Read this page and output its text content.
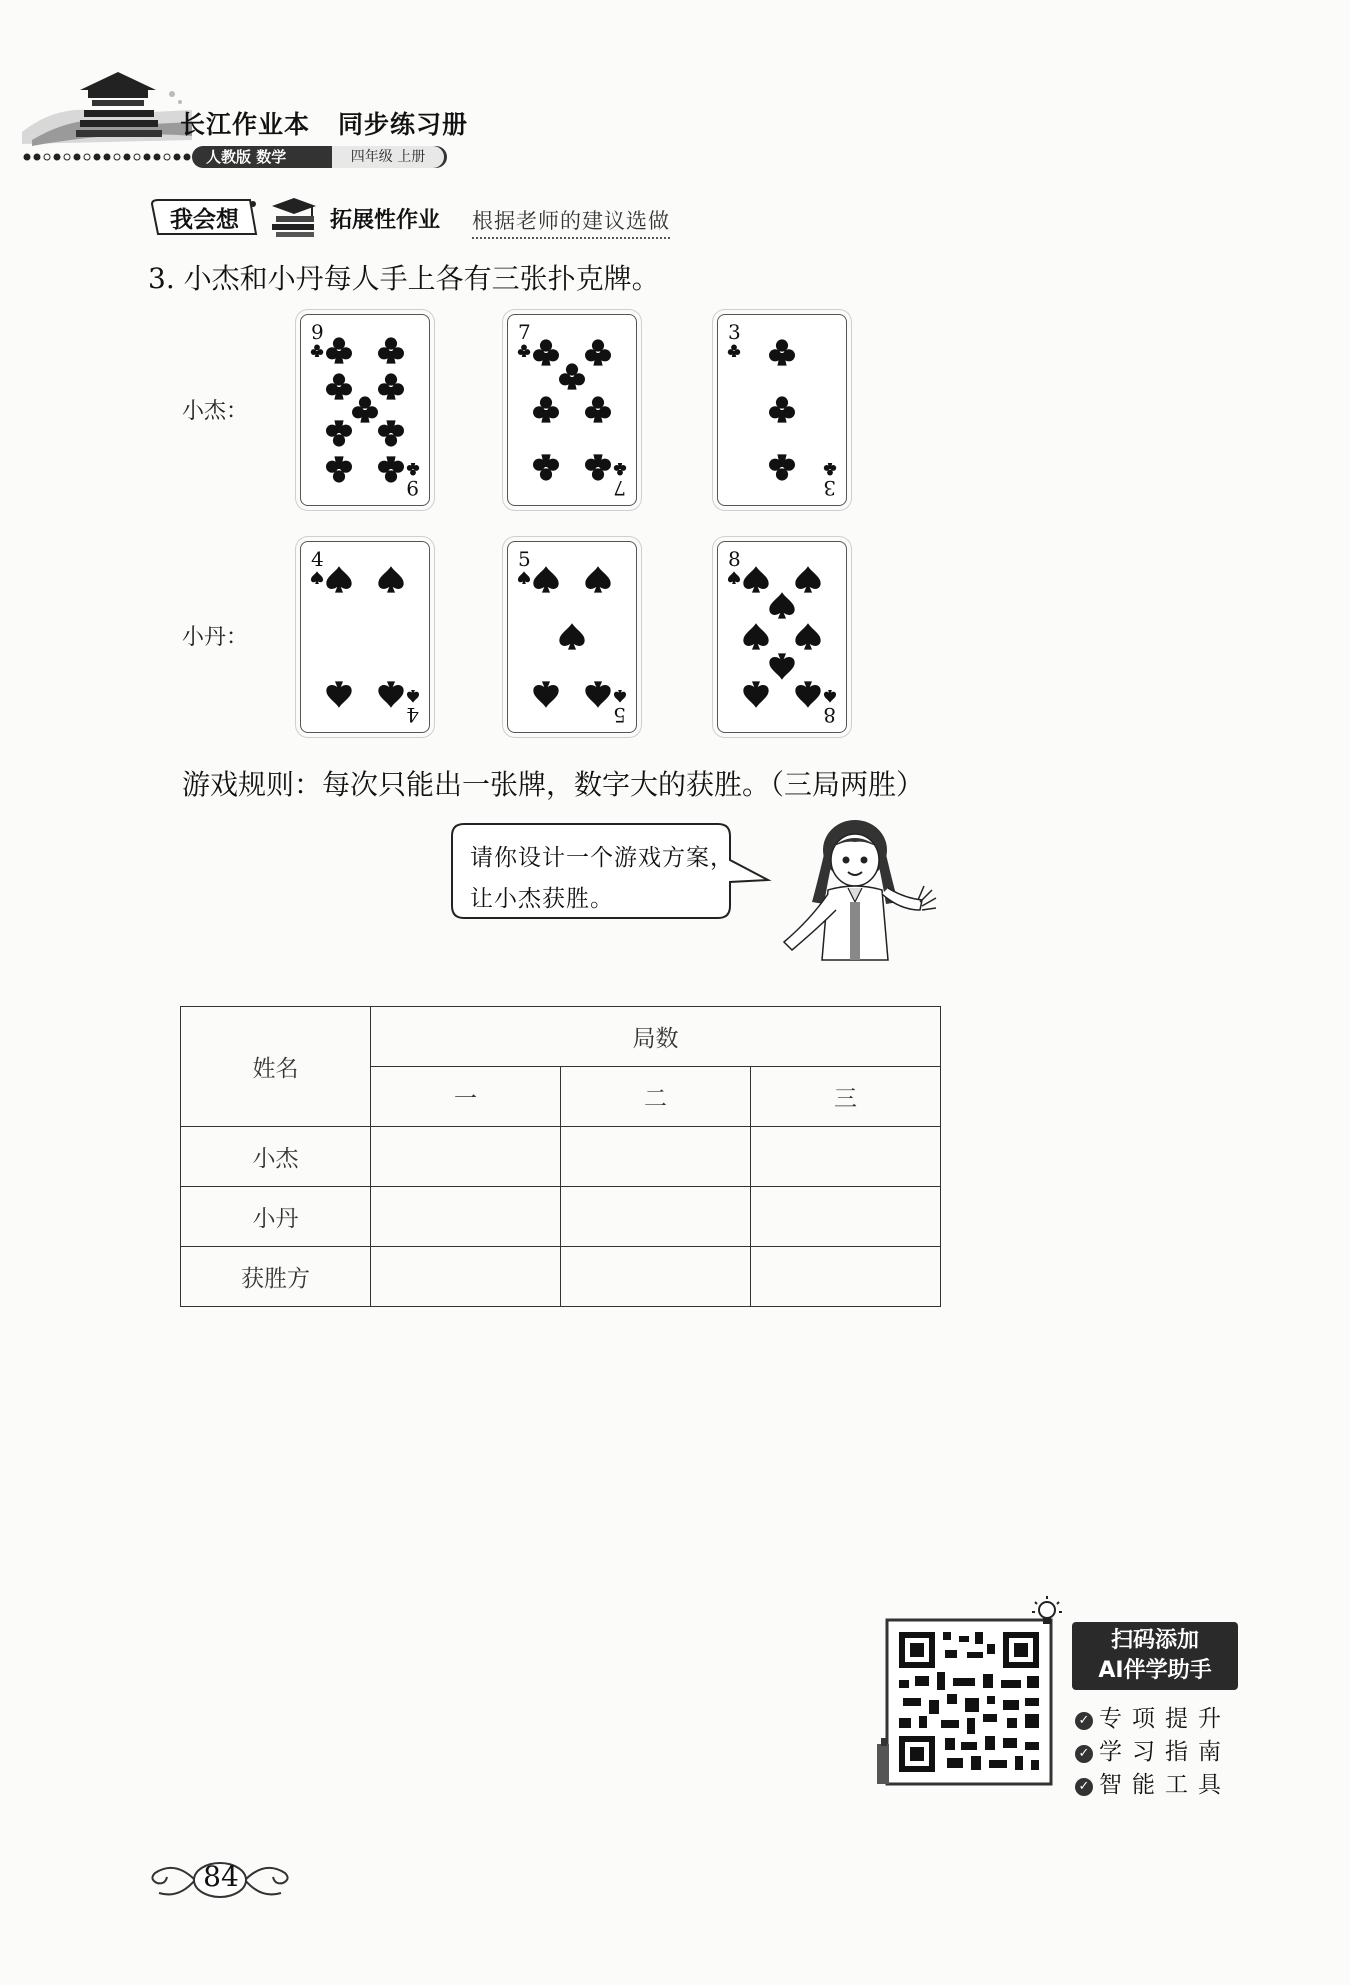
长江作业本 同步练习册
人教版 数学	四年级 上册
我会想	拓展性作业 根据老师的建议选做
3. 小杰和小丹每人手上各有三张扑克牌。
小杰：
小丹：
9
9
7
7
3
3
4
4
5
5
8
8
游戏规则：每次只能出一张牌，数字大的获胜。（三局两胜）
请你设计一个游戏方案，
让小杰获胜。
姓名	局数		
	一	二	三
小杰			
小丹			
获胜方			
扫码添加
AI伴学助手
✓ 专项提升
✓ 学习指南
✓ 智能工具
84
